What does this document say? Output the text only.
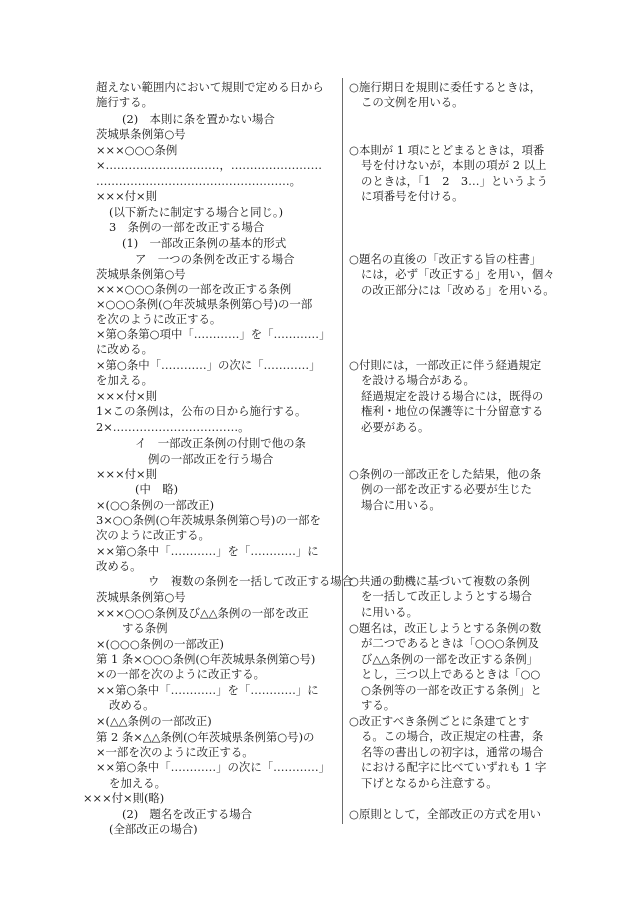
超えない範囲内において規則で定める日から
施行する。
(2)　本則に条を置かない場合
茨城県条例第○号
×××○○○条例
×…………………………，……………………
……………………………………………。
×××付×則
(以下新たに制定する場合と同じ。)
3　条例の一部を改正する場合
(1)　一部改正条例の基本的形式
ア　一つの条例を改正する場合
茨城県条例第○号
×××○○○条例の一部を改正する条例
×○○○条例(○年茨城県条例第○号)の一部
を次のように改正する。
×第○条第○項中「…………」を「…………」
に改める。
×第○条中「…………」の次に「…………」
を加える。
×××付×則
1×この条例は，公布の日から施行する。
2×……………………………。
イ　一部改正条例の付則で他の条
例の一部改正を行う場合
×××付×則
(中　略)
×(○○条例の一部改正)
3×○○条例(○年茨城県条例第○号)の一部を
次のように改正する。
××第○条中「…………」を「…………」に
改める。
ウ　複数の条例を一括して改正する場合
茨城県条例第○号
×××○○○条例及び△△条例の一部を改正
する条例
×(○○○条例の一部改正)
第 1 条×○○○条例(○年茨城県条例第○号)
×の一部を次のように改正する。
××第○条中「…………」を「…………」に
改める。
×(△△条例の一部改正)
第 2 条×△△条例(○年茨城県条例第○号)の
×一部を次のように改正する。
××第○条中「…………」の次に「…………」
を加える。
×××付×則(略)
(2)　題名を改正する場合
(全部改正の場合)
○施行期日を規則に委任するときは，
この文例を用いる。
○本則が 1 項にとどまるときは，項番
号を付けないが，本則の項が 2 以上
のときは，「1　2　3…」というよう
に項番号を付ける。
○題名の直後の「改正する旨の柱書」
には，必ず「改正する」を用い，個々
の改正部分には「改める」を用いる。
○付則には，一部改正に伴う経過規定
を設ける場合がある。
経過規定を設ける場合には，既得の
権利・地位の保護等に十分留意する
必要がある。
○条例の一部改正をした結果，他の条
例の一部を改正する必要が生じた
場合に用いる。
○共通の動機に基づいて複数の条例
を一括して改正しようとする場合
に用いる。
○題名は，改正しようとする条例の数
が二つであるときは「○○○条例及
び△△条例の一部を改正する条例」
とし，三つ以上であるときは「○○
○条例等の一部を改正する条例」と
する。
○改正すべき条例ごとに条建てとす
る。この場合，改正規定の柱書，条
名等の書出しの初字は，通常の場合
における配字に比べていずれも 1 字
下げとなるから注意する。
○原則として，全部改正の方式を用い
